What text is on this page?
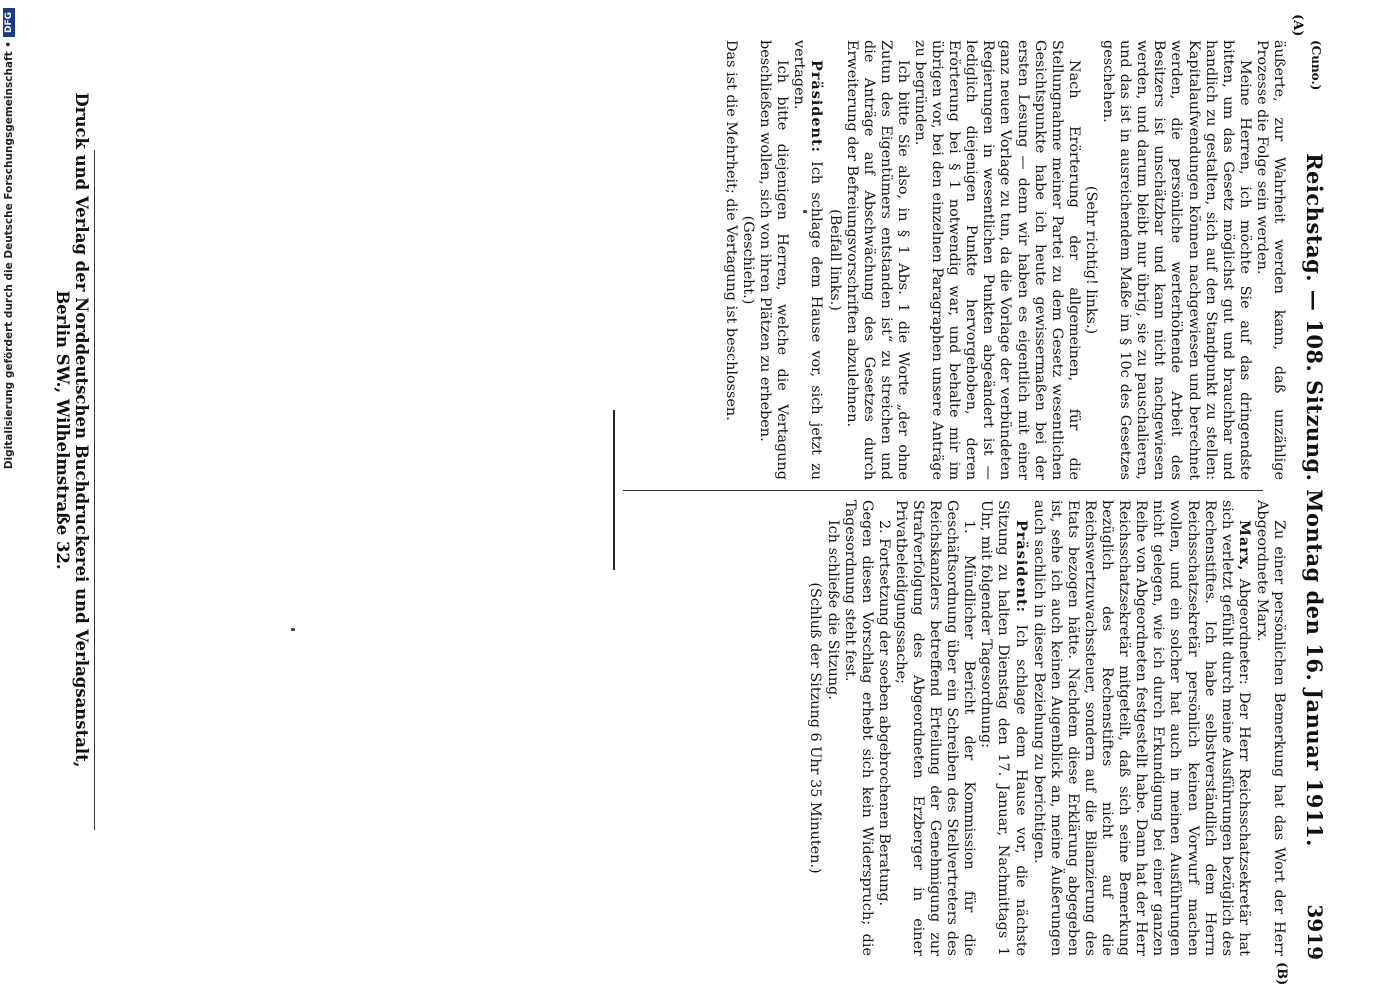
Digitalisierung gefördert durch die Deutsche Forschungsgemeinschaft •
DFG
(Cuno.)
Reichstag. — 108. Sitzung. Montag den 16. Januar 1911.
3919
(A)
(B)

äußerte, zur Wahrheit werden kann, daß unzählige Prozesse die Folge sein werden.

Meine Herren, ich möchte Sie auf das dringendste bitten, um das Gesetz möglichst gut und brauchbar und handlich zu gestalten, sich auf den Standpunkt zu stellen: Kapitalaufwendungen können nachgewiesen und berechnet werden, die persönliche werterhöhende Arbeit des Besitzers ist unschätzbar und kann nicht nachgewiesen werden, und darum bleibt nur übrig, sie zu pauschalieren, und das ist in ausreichendem Maße im § 10c des Gesetzes geschehen.

(Sehr richtig! links.)

Nach Erörterung der allgemeinen, für die Stellungnahme meiner Partei zu dem Gesetz wesentlichen Gesichtspunkte habe ich heute gewissermaßen bei der ersten Lesung — denn wir haben es eigentlich mit einer ganz neuen Vorlage zu tun, da die Vorlage der verbündeten Regierungen in wesentlichen Punkten abgeändert ist — lediglich diejenigen Punkte hervorgehoben, deren Erörterung bei § 1 notwendig war, und behalte mir im übrigen vor, bei den einzelnen Paragraphen unsere Anträge zu begründen.

Ich bitte Sie also, in § 1 Abs. 1 die Worte „der ohne Zutun des Eigentümers entstanden ist“ zu streichen und die Anträge auf Abschwächung des Gesetzes durch Erweiterung der Befreiungsvorschriften abzulehnen.

(Beifall links.)

Präsident: Ich schlage dem Hause vor, sich jetzt zu vertagen.

Ich bitte diejenigen Herren, welche die Vertagung beschließen wollen, sich von ihren Plätzen zu erheben.

(Geschieht.)

Das ist die Mehrheit; die Vertagung ist beschlossen.

Zu einer persönlichen Bemerkung hat das Wort der Herr Abgeordnete Marx.

Marx, Abgeordneter: Der Herr Reichsschatzsekretär hat sich verletzt gefühlt durch meine Ausführungen bezüglich des Rechenstiftes. Ich habe selbstverständlich dem Herrn Reichsschatzsekretär persönlich keinen Vorwurf machen wollen, und ein solcher hat auch in meinen Ausführungen nicht gelegen, wie ich durch Erkundigung bei einer ganzen Reihe von Abgeordneten festgestellt habe. Dann hat der Herr Reichsschatzsekretär mitgeteilt, daß sich seine Bemerkung bezüglich des Rechenstiftes nicht auf die Reichswertzuwachssteuer, sondern auf die Bilanzierung des Etats bezogen hätte. Nachdem diese Erklärung abgegeben ist, sehe ich auch keinen Augenblick an, meine Äußerungen auch sachlich in dieser Beziehung zu berichtigen.

Präsident: Ich schlage dem Hause vor, die nächste Sitzung zu halten Dienstag den 17. Januar, Nachmittags 1 Uhr, mit folgender Tagesordnung:

1. Mündlicher Bericht der Kommission für die Geschäftsordnung über ein Schreiben des Stellvertreters des Reichskanzlers betreffend Erteilung der Genehmigung zur Strafverfolgung des Abgeordneten Erzberger in einer Privatbeleidigungssache;

2. Fortsetzung der soeben abgebrochenen Beratung.

Gegen diesen Vorschlag erhebt sich kein Widerspruch; die Tagesordnung steht fest.

Ich schließe die Sitzung.

(Schluß der Sitzung 6 Uhr 35 Minuten.)

Druck und Verlag der Norddeutschen Buchdruckerei und Verlagsanstalt, Berlin SW., Wilhelmstraße 32.
